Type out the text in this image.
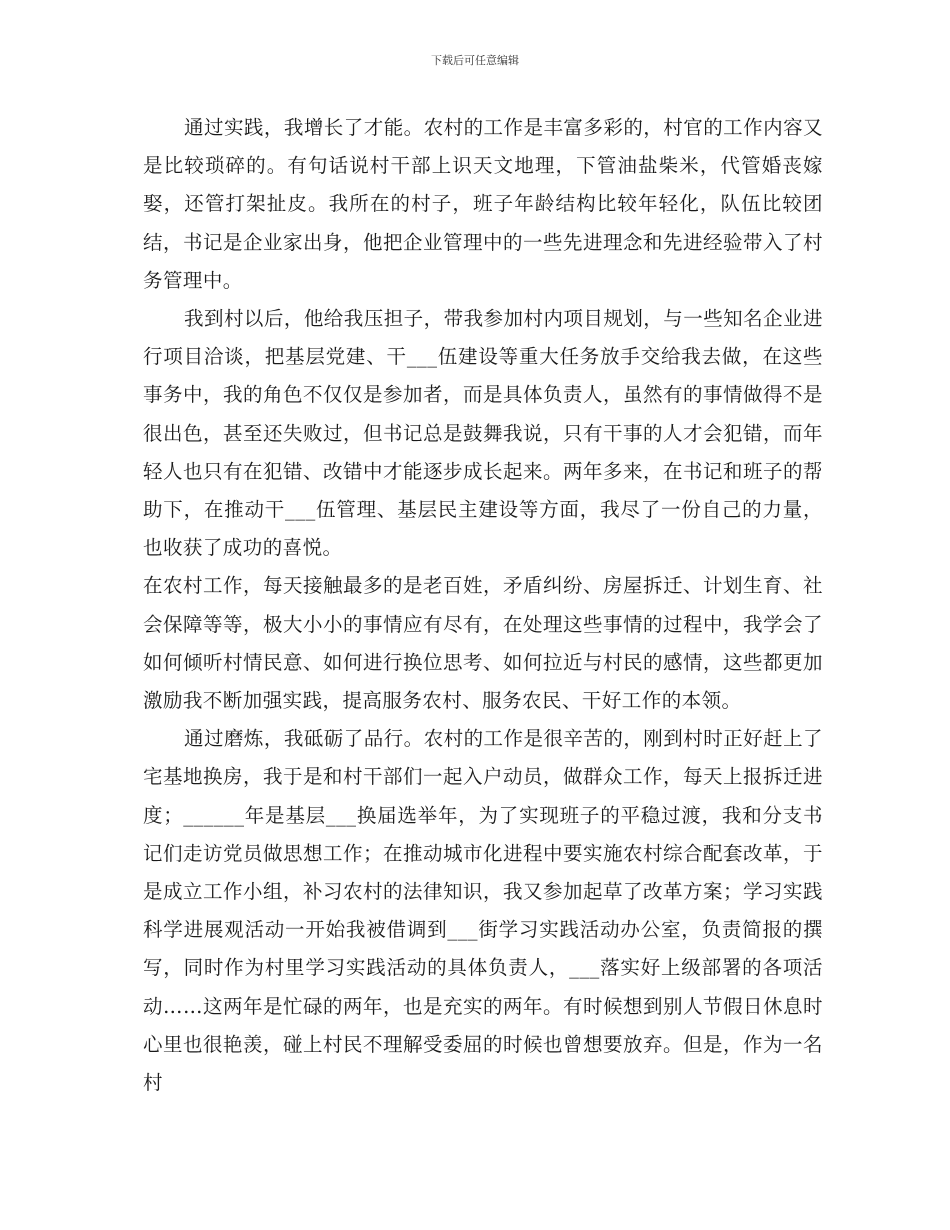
下载后可任意编辑

通过实践，我增长了才能。农村的工作是丰富多彩的，村官的工作内容又是比较琐碎的。有句话说村干部上识天文地理，下管油盐柴米，代管婚丧嫁娶，还管打架扯皮。我所在的村子，班子年龄结构比较年轻化，队伍比较团结，书记是企业家出身，他把企业管理中的一些先进理念和先进经验带入了村务管理中。

我到村以后，他给我压担子，带我参加村内项目规划，与一些知名企业进行项目洽谈，把基层党建、干___伍建设等重大任务放手交给我去做，在这些事务中，我的角色不仅仅是参加者，而是具体负责人，虽然有的事情做得不是很出色，甚至还失败过，但书记总是鼓舞我说，只有干事的人才会犯错，而年轻人也只有在犯错、改错中才能逐步成长起来。两年多来，在书记和班子的帮助下，在推动干___伍管理、基层民主建设等方面，我尽了一份自己的力量，也收获了成功的喜悦。

在农村工作，每天接触最多的是老百姓，矛盾纠纷、房屋拆迁、计划生育、社会保障等等，极大小小的事情应有尽有，在处理这些事情的过程中，我学会了如何倾听村情民意、如何进行换位思考、如何拉近与村民的感情，这些都更加激励我不断加强实践，提高服务农村、服务农民、干好工作的本领。

通过磨炼，我砥砺了品行。农村的工作是很辛苦的，刚到村时正好赶上了宅基地换房，我于是和村干部们一起入户动员，做群众工作，每天上报拆迁进度；______年是基层___换届选举年，为了实现班子的平稳过渡，我和分支书记们走访党员做思想工作；在推动城市化进程中要实施农村综合配套改革，于是成立工作小组，补习农村的法律知识，我又参加起草了改革方案；学习实践科学进展观活动一开始我被借调到___街学习实践活动办公室，负责简报的撰写，同时作为村里学习实践活动的具体负责人，___落实好上级部署的各项活动……这两年是忙碌的两年，也是充实的两年。有时候想到别人节假日休息时心里也很艳羡，碰上村民不理解受委屈的时候也曾想要放弃。但是，作为一名村
